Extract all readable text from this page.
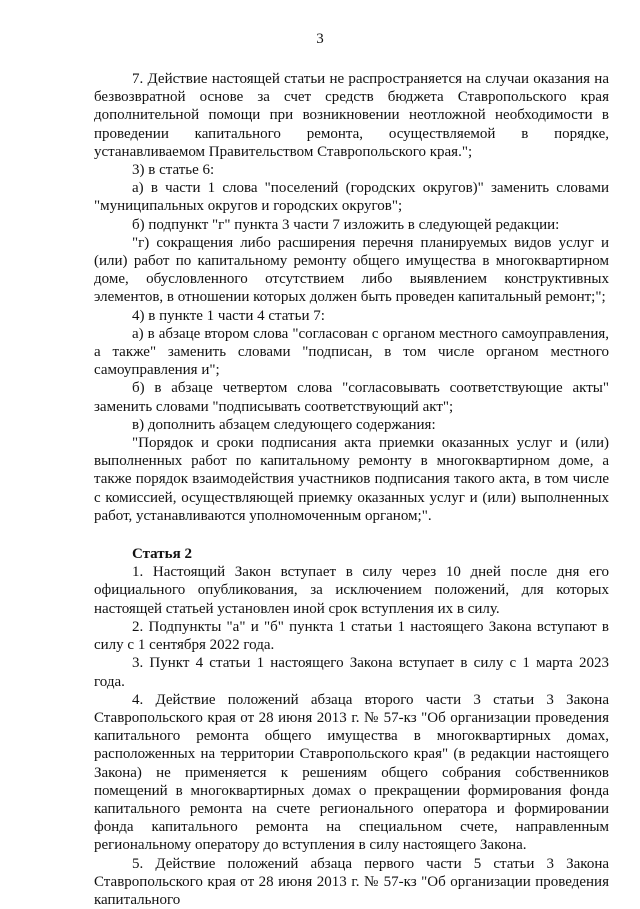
3

7. Действие настоящей статьи не распространяется на случаи оказания на безвозвратной основе за счет средств бюджета Ставропольского края дополнительной помощи при возникновении неотложной необходимости в проведении капитального ремонта, осуществляемой в порядке, устанавливаемом Правительством Ставропольского края.";

3) в статье 6:

а) в части 1 слова "поселений (городских округов)" заменить словами "муниципальных округов и городских округов";

б) подпункт "г" пункта 3 части 7 изложить в следующей редакции:

"г) сокращения либо расширения перечня планируемых видов услуг и (или) работ по капитальному ремонту общего имущества в многоквартирном доме, обусловленного отсутствием либо выявлением конструктивных элементов, в отношении которых должен быть проведен капитальный ремонт;";

4) в пункте 1 части 4 статьи 7:

а) в абзаце втором слова "согласован с органом местного самоуправления, а также" заменить словами "подписан, в том числе органом местного самоуправления и";

б) в абзаце четвертом слова "согласовывать соответствующие акты" заменить словами "подписывать соответствующий акт";

в) дополнить абзацем следующего содержания:

"Порядок и сроки подписания акта приемки оказанных услуг и (или) выполненных работ по капитальному ремонту в многоквартирном доме, а также порядок взаимодействия участников подписания такого акта, в том числе с комиссией, осуществляющей приемку оказанных услуг и (или) выполненных работ, устанавливаются уполномоченным органом;".

Статья 2

1. Настоящий Закон вступает в силу через 10 дней после дня его официального опубликования, за исключением положений, для которых настоящей статьей установлен иной срок вступления их в силу.

2. Подпункты "а" и "б" пункта 1 статьи 1 настоящего Закона вступают в силу с 1 сентября 2022 года.

3. Пункт 4 статьи 1 настоящего Закона вступает в силу с 1 марта 2023 года.

4. Действие положений абзаца второго части 3 статьи 3 Закона Ставропольского края от 28 июня 2013 г. № 57-кз "Об организации проведения капитального ремонта общего имущества в многоквартирных домах, расположенных на территории Ставропольского края" (в редакции настоящего Закона) не применяется к решениям общего собрания собственников помещений в многоквартирных домах о прекращении формирования фонда капитального ремонта на счете регионального оператора и формировании фонда капитального ремонта на специальном счете, направленным региональному оператору до вступления в силу настоящего Закона.

5. Действие положений абзаца первого части 5 статьи 3 Закона Ставропольского края от 28 июня 2013 г. № 57-кз "Об организации проведения капитального
